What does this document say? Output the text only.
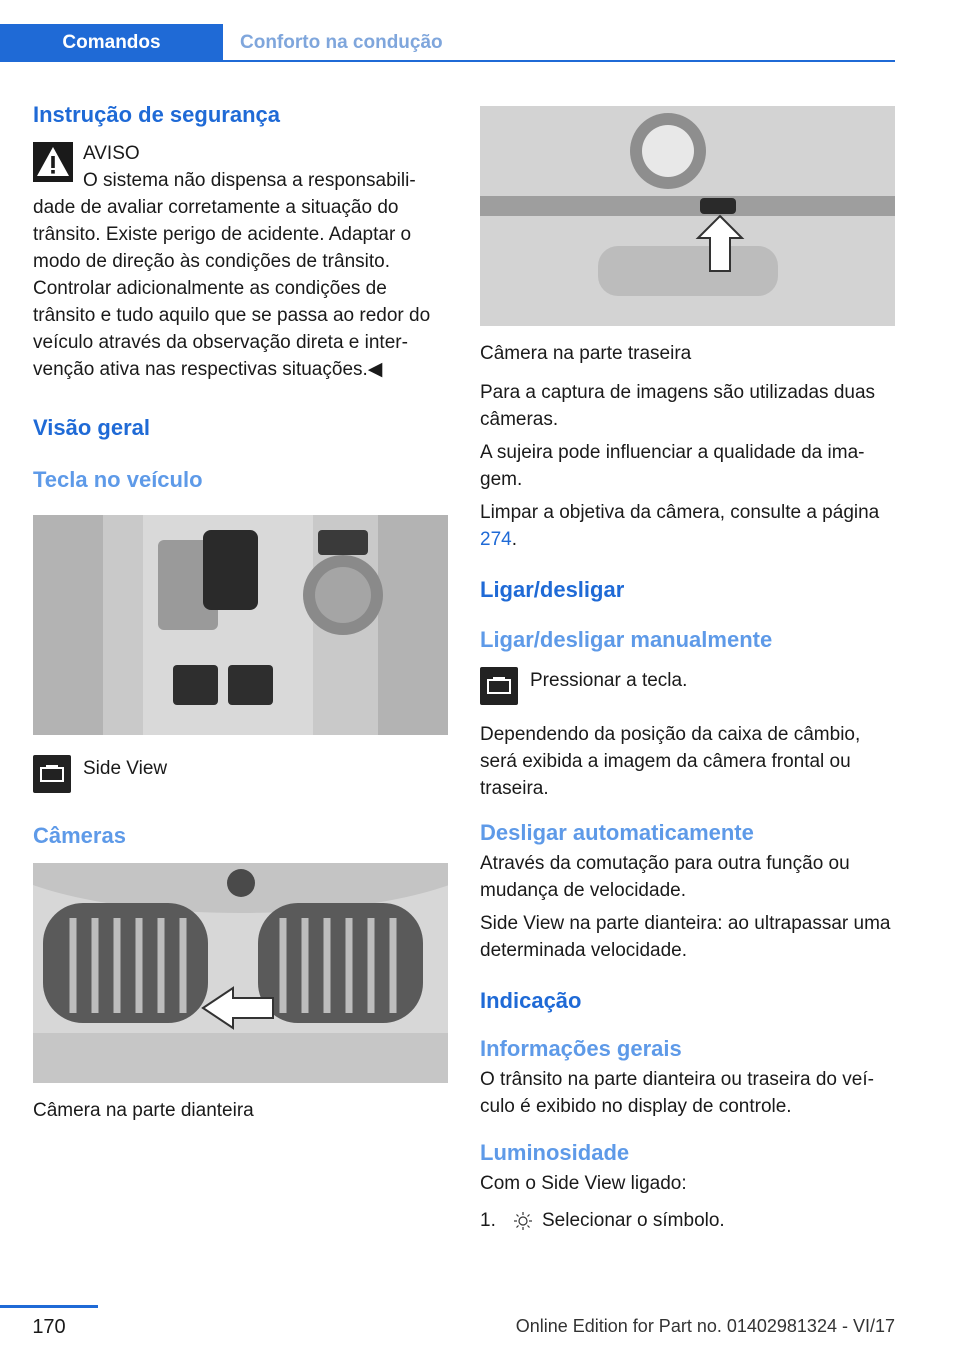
Comandos	Conforto na condução
Instrução de segurança
AVISO
O sistema não dispensa a responsabili-dade de avaliar corretamente a situação do trânsito. Existe perigo de acidente. Adaptar o modo de direção às condições de trânsito. Controlar adicionalmente as condições de trânsito e tudo aquilo que se passa ao redor do veículo através da observação direta e inter-venção ativa nas respectivas situações.◀
Visão geral
Tecla no veículo
Side View
Câmeras

Câmera na parte dianteira

Câmera na parte traseira

Para a captura de imagens são utilizadas duas câmeras.

A sujeira pode influenciar a qualidade da ima-gem.

Limpar a objetiva da câmera, consulte a página 274.

Ligar/desligar
Ligar/desligar manualmente
Pressionar a tecla.

Dependendo da posição da caixa de câmbio, será exibida a imagem da câmera frontal ou traseira.

Desligar automaticamente

Através da comutação para outra função ou mudança de velocidade.

Side View na parte dianteira: ao ultrapassar uma determinada velocidade.

Indicação
Informações gerais

O trânsito na parte dianteira ou traseira do veí-culo é exibido no display de controle.

Luminosidade

Com o Side View ligado:

1. Selecionar o símbolo.
170	Online Edition for Part no. 01402981324 - VI/17
